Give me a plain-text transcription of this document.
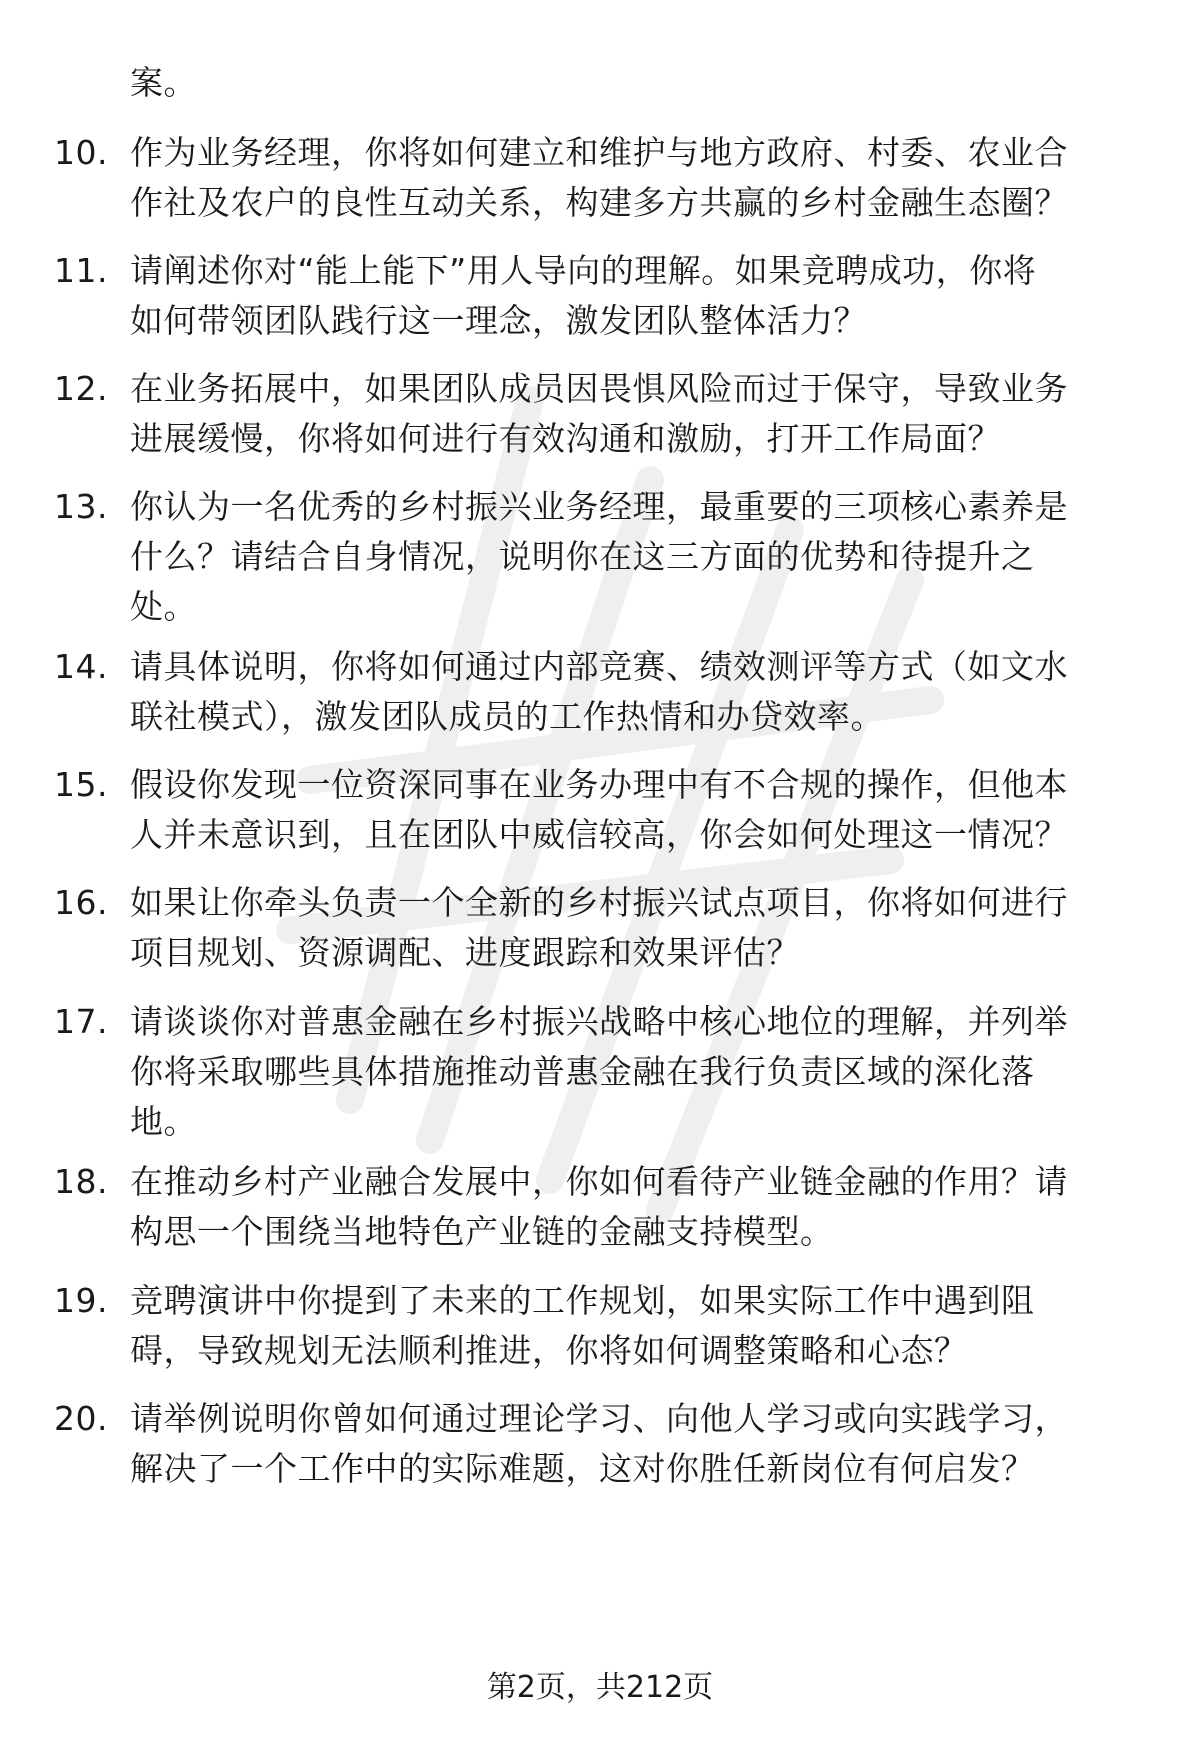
案。
10. 作为业务经理，你将如何建立和维护与地方政府、村委、农业合
作社及农户的良性互动关系，构建多方共赢的乡村金融生态圈？
11. 请阐述你对“能上能下”用人导向的理解。如果竞聘成功，你将
如何带领团队践行这一理念，激发团队整体活力？
12. 在业务拓展中，如果团队成员因畏惧风险而过于保守，导致业务
进展缓慢，你将如何进行有效沟通和激励，打开工作局面？
13. 你认为一名优秀的乡村振兴业务经理，最重要的三项核心素养是
什么？请结合自身情况，说明你在这三方面的优势和待提升之
处。
14. 请具体说明，你将如何通过内部竞赛、绩效测评等方式（如文水
联社模式），激发团队成员的工作热情和办贷效率。
15. 假设你发现一位资深同事在业务办理中有不合规的操作，但他本
人并未意识到，且在团队中威信较高，你会如何处理这一情况？
16. 如果让你牵头负责一个全新的乡村振兴试点项目，你将如何进行
项目规划、资源调配、进度跟踪和效果评估？
17. 请谈谈你对普惠金融在乡村振兴战略中核心地位的理解，并列举
你将采取哪些具体措施推动普惠金融在我行负责区域的深化落
地。
18. 在推动乡村产业融合发展中，你如何看待产业链金融的作用？请
构思一个围绕当地特色产业链的金融支持模型。
19. 竞聘演讲中你提到了未来的工作规划，如果实际工作中遇到阻
碍，导致规划无法顺利推进，你将如何调整策略和心态？
20. 请举例说明你曾如何通过理论学习、向他人学习或向实践学习，
解决了一个工作中的实际难题，这对你胜任新岗位有何启发？
第2页，共212页
